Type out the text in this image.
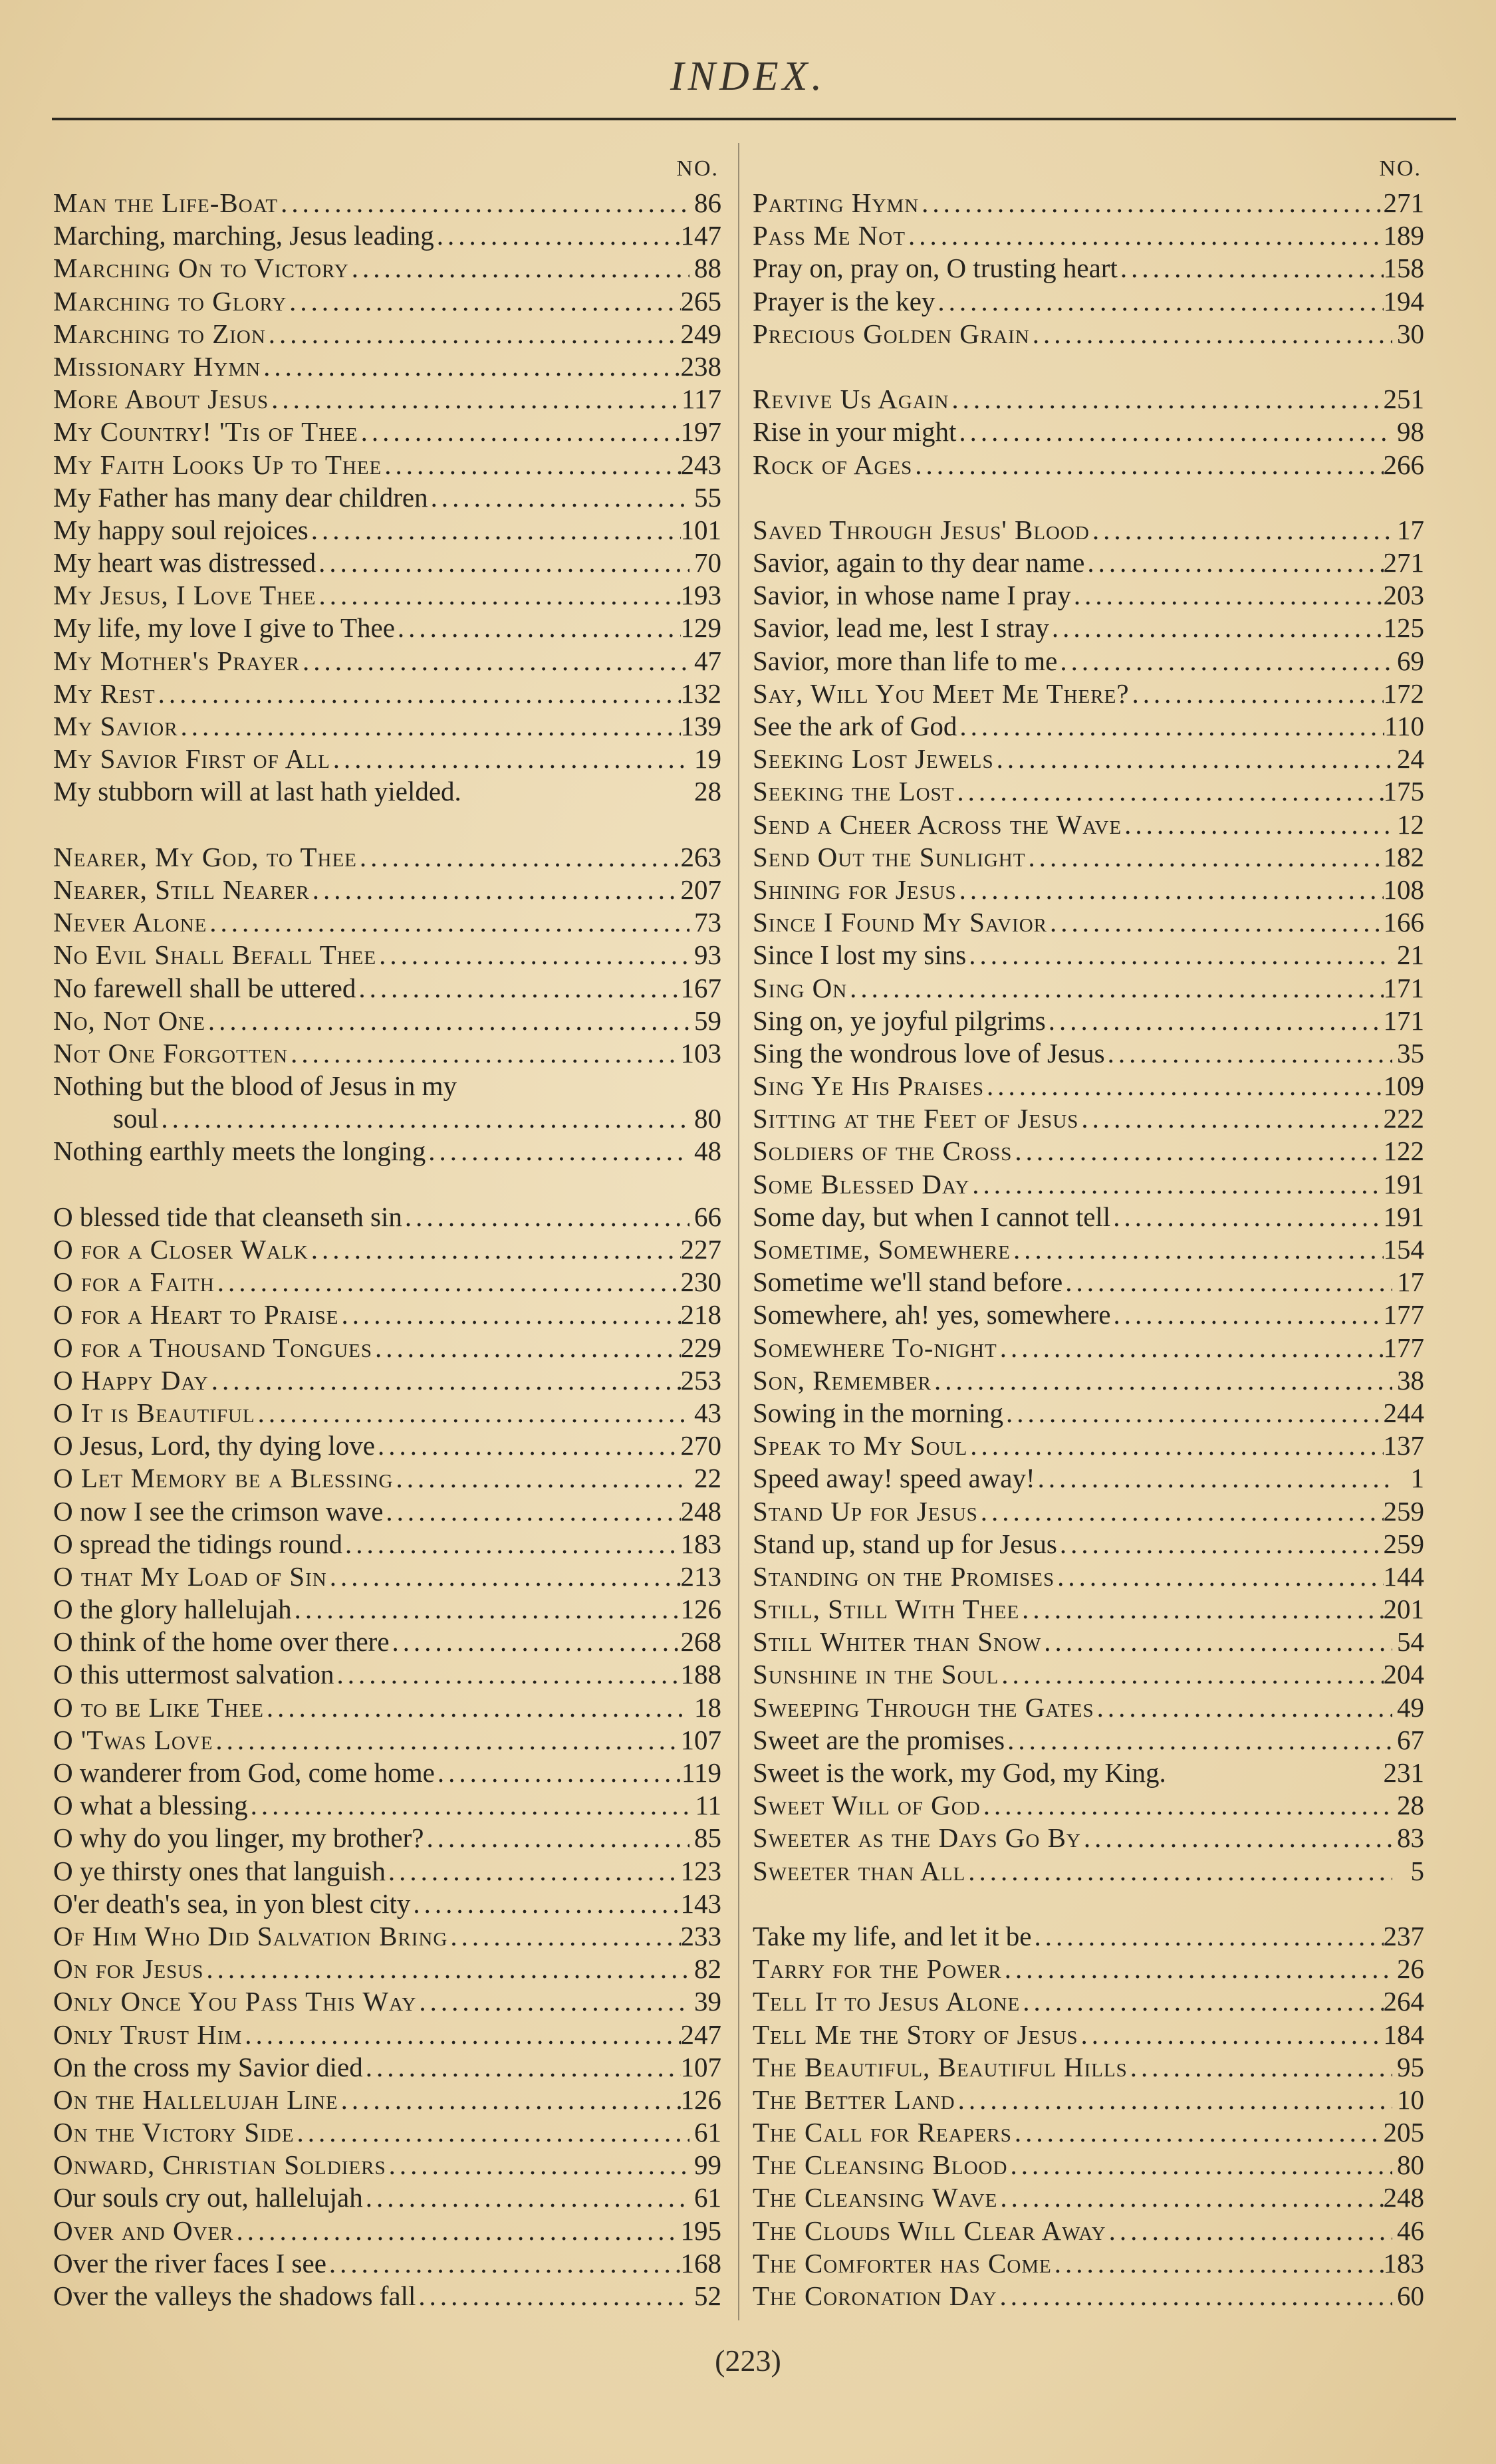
INDEX.
NO.
Man the Life-Boat .....	86
Marching, marching, Jesus leading .....	147
Marching On to Victory .....	88
Marching to Glory .....	265
Marching to Zion .....	249
Missionary Hymn .....	238
More About Jesus .....	117
My Country! 'Tis of Thee .....	197
My Faith Looks Up to Thee .....	243
My Father has many dear children .....	55
My happy soul rejoices .....	101
My heart was distressed .....	70
My Jesus, I Love Thee .....	193
My life, my love I give to Thee .....	129
My Mother's Prayer .....	47
My Rest .....	132
My Savior .....	139
My Savior First of All .....	19
My stubborn will at last hath yielded.	28
Nearer, My God, to Thee .....	263
Nearer, Still Nearer .....	207
Never Alone .....	73
No Evil Shall Befall Thee .....	93
No farewell shall be uttered .....	167
No, Not One .....	59
Not One Forgotten .....	103
Nothing but the blood of Jesus in my
soul .....	80
Nothing earthly meets the longing .....	48
O blessed tide that cleanseth sin .....	66
O for a Closer Walk .....	227
O for a Faith .....	230
O for a Heart to Praise .....	218
O for a Thousand Tongues .....	229
O Happy Day .....	253
O It is Beautiful .....	43
O Jesus, Lord, thy dying love .....	270
O Let Memory be a Blessing .....	22
O now I see the crimson wave .....	248
O spread the tidings round .....	183
O that My Load of Sin .....	213
O the glory hallelujah .....	126
O think of the home over there .....	268
O this uttermost salvation .....	188
O to be Like Thee .....	18
O 'Twas Love .....	107
O wanderer from God, come home .....	119
O what a blessing .....	11
O why do you linger, my brother? .....	85
O ye thirsty ones that languish .....	123
O'er death's sea, in yon blest city .....	143
Of Him Who Did Salvation Bring .....	233
On for Jesus .....	82
Only Once You Pass This Way .....	39
Only Trust Him .....	247
On the cross my Savior died .....	107
On the Hallelujah Line .....	126
On the Victory Side .....	61
Onward, Christian Soldiers .....	99
Our souls cry out, hallelujah .....	61
Over and Over .....	195
Over the river faces I see .....	168
Over the valleys the shadows fall .....	52
NO.
Parting Hymn .....	271
Pass Me Not .....	189
Pray on, pray on, O trusting heart .....	158
Prayer is the key .....	194
Precious Golden Grain .....	30
Revive Us Again .....	251
Rise in your might .....	98
Rock of Ages .....	266
Saved Through Jesus' Blood .....	17
Savior, again to thy dear name .....	271
Savior, in whose name I pray .....	203
Savior, lead me, lest I stray .....	125
Savior, more than life to me .....	69
Say, Will You Meet Me There? .....	172
See the ark of God .....	110
Seeking Lost Jewels .....	24
Seeking the Lost .....	175
Send a Cheer Across the Wave .....	12
Send Out the Sunlight .....	182
Shining for Jesus .....	108
Since I Found My Savior .....	166
Since I lost my sins .....	21
Sing On .....	171
Sing on, ye joyful pilgrims .....	171
Sing the wondrous love of Jesus .....	35
Sing Ye His Praises .....	109
Sitting at the Feet of Jesus .....	222
Soldiers of the Cross .....	122
Some Blessed Day .....	191
Some day, but when I cannot tell .....	191
Sometime, Somewhere .....	154
Sometime we'll stand before .....	17
Somewhere, ah! yes, somewhere .....	177
Somewhere To-night .....	177
Son, Remember .....	38
Sowing in the morning .....	244
Speak to My Soul .....	137
Speed away! speed away! .....	1
Stand Up for Jesus .....	259
Stand up, stand up for Jesus .....	259
Standing on the Promises .....	144
Still, Still With Thee .....	201
Still Whiter than Snow .....	54
Sunshine in the Soul .....	204
Sweeping Through the Gates .....	49
Sweet are the promises .....	67
Sweet is the work, my God, my King.	231
Sweet Will of God .....	28
Sweeter as the Days Go By .....	83
Sweeter than All .....	5
Take my life, and let it be .....	237
Tarry for the Power .....	26
Tell It to Jesus Alone .....	264
Tell Me the Story of Jesus .....	184
The Beautiful, Beautiful Hills .....	95
The Better Land .....	10
The Call for Reapers .....	205
The Cleansing Blood .....	80
The Cleansing Wave .....	248
The Clouds Will Clear Away .....	46
The Comforter has Come .....	183
The Coronation Day .....	60
(223)
